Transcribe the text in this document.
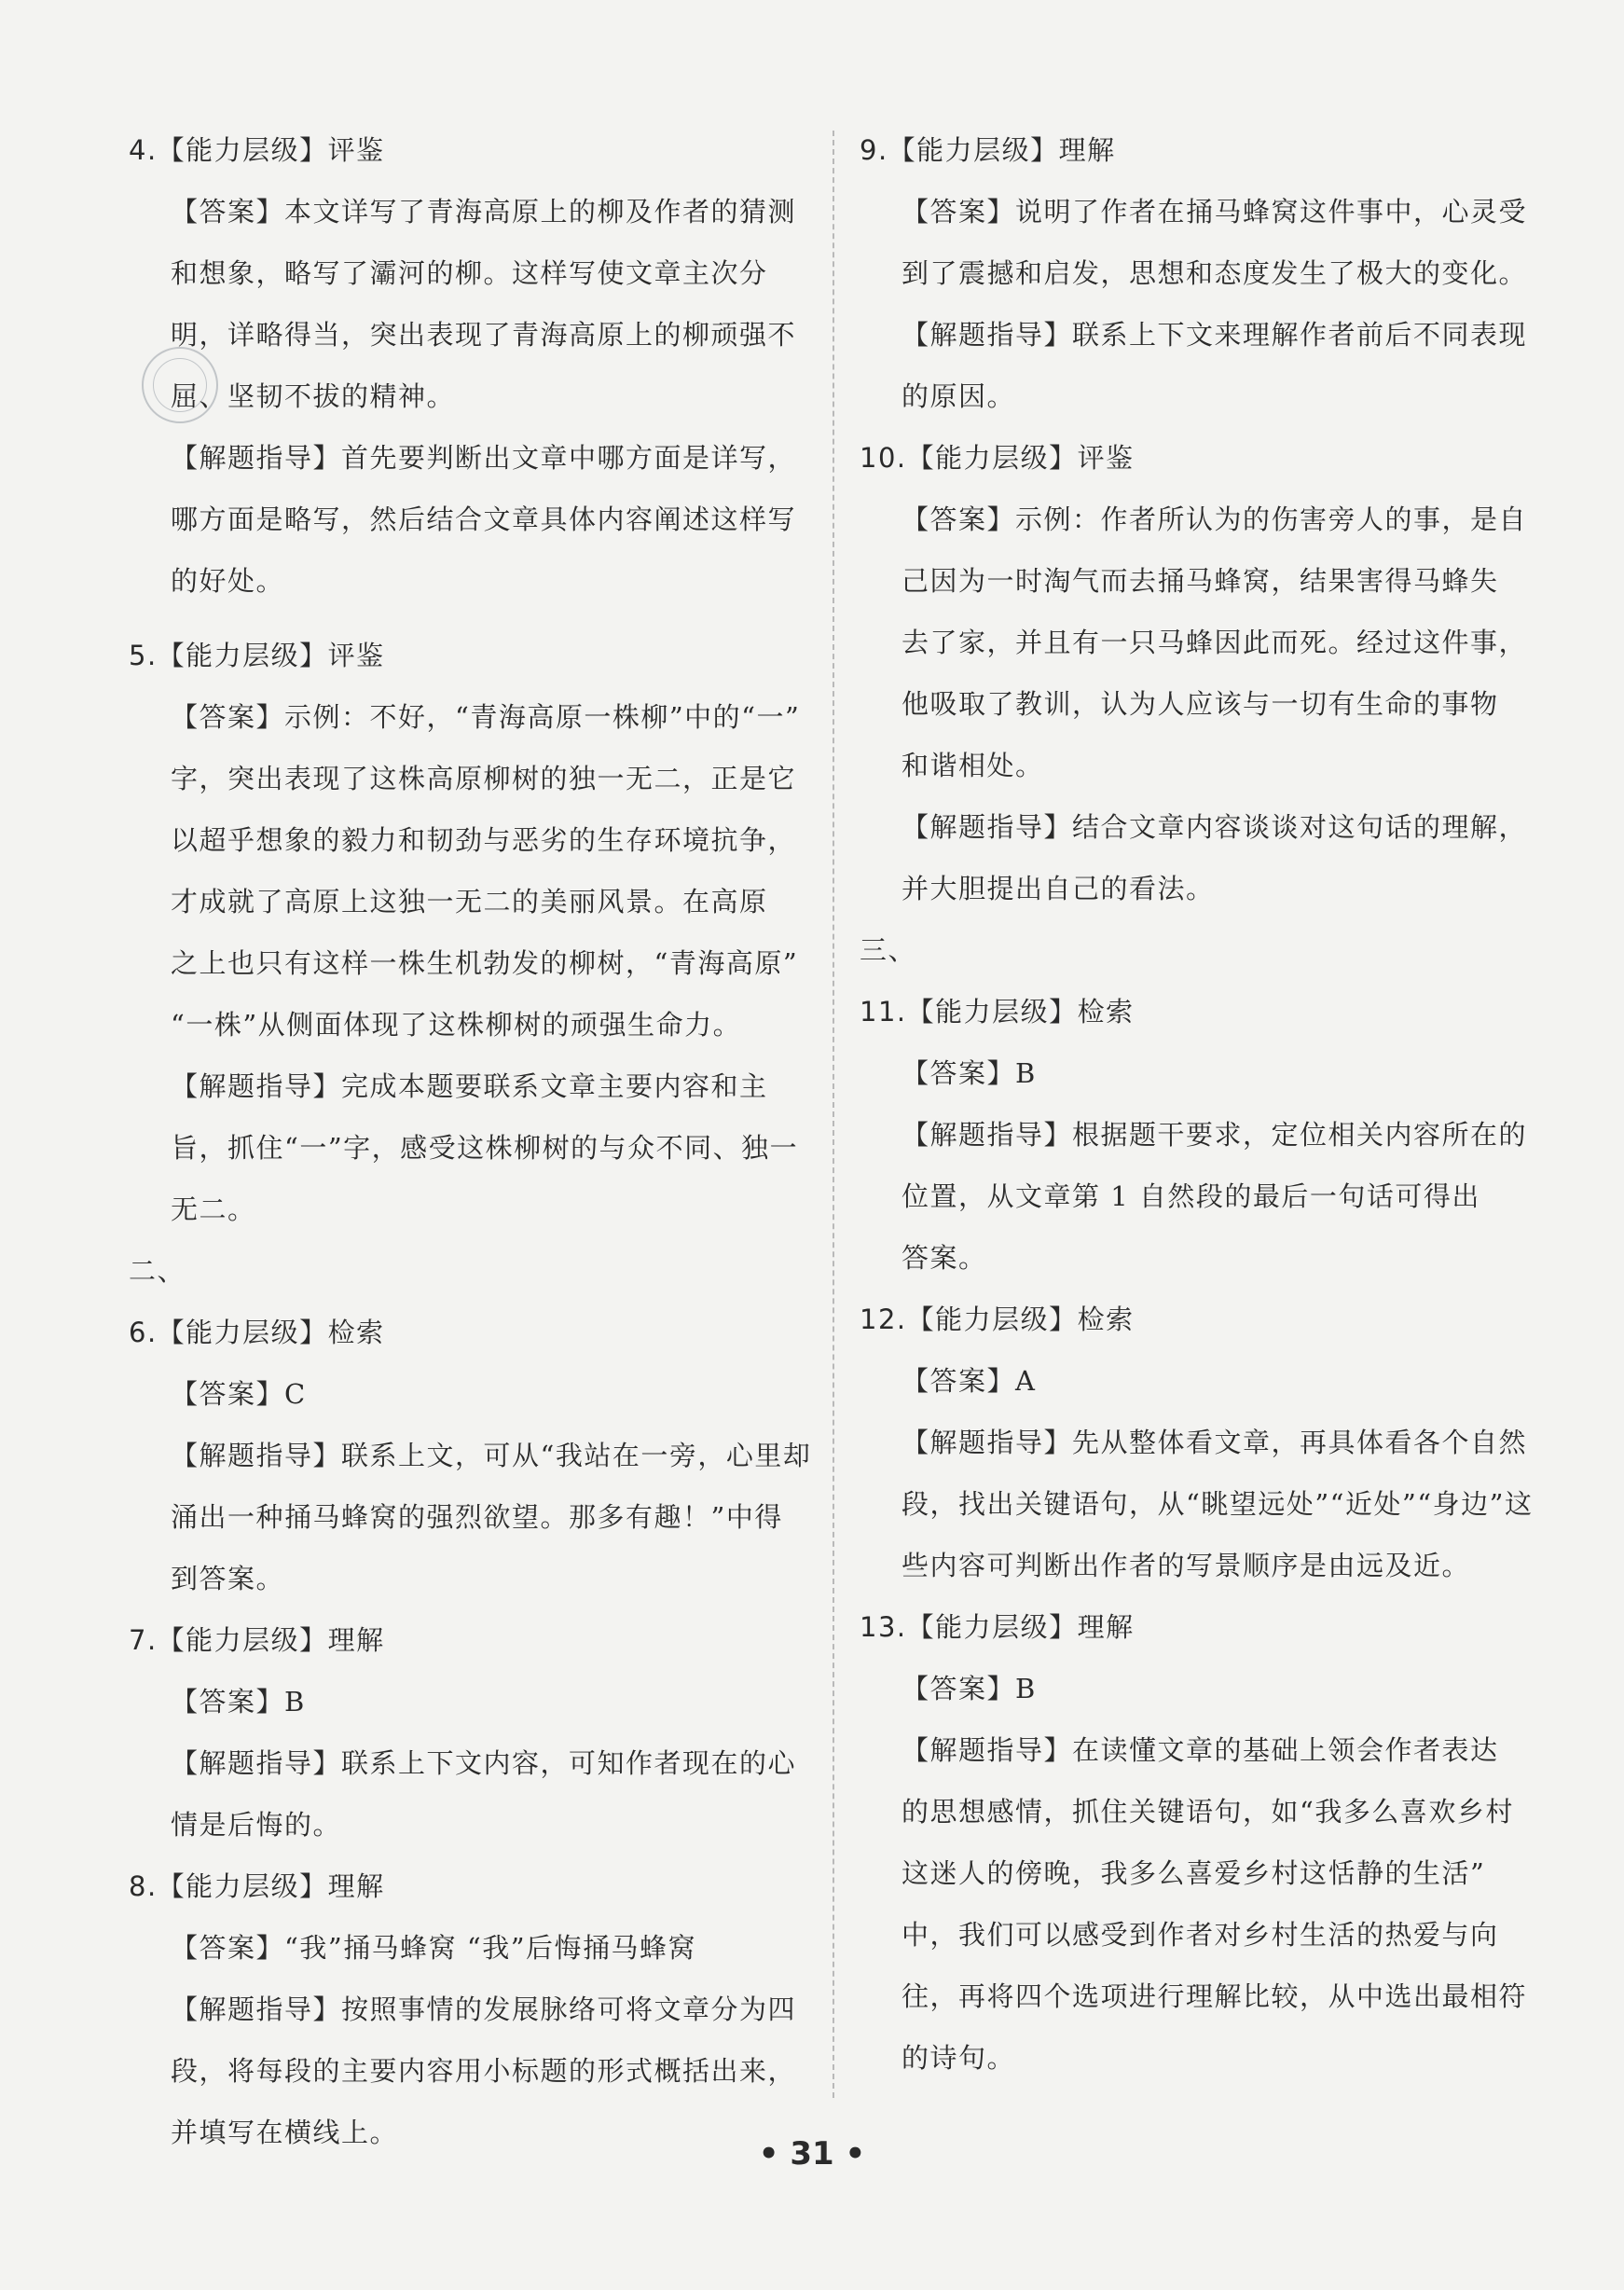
4.【能力层级】评鉴
【答案】本文详写了青海高原上的柳及作者的猜测
和想象，略写了灞河的柳。这样写使文章主次分
明，详略得当，突出表现了青海高原上的柳顽强不
屈、坚韧不拔的精神。
【解题指导】首先要判断出文章中哪方面是详写，
哪方面是略写，然后结合文章具体内容阐述这样写
的好处。
5.【能力层级】评鉴
【答案】示例：不好，“青海高原一株柳”中的“一”
字，突出表现了这株高原柳树的独一无二，正是它
以超乎想象的毅力和韧劲与恶劣的生存环境抗争，
才成就了高原上这独一无二的美丽风景。在高原
之上也只有这样一株生机勃发的柳树，“青海高原”
“一株”从侧面体现了这株柳树的顽强生命力。
【解题指导】完成本题要联系文章主要内容和主
旨，抓住“一”字，感受这株柳树的与众不同、独一
无二。
二、
6.【能力层级】检索
【答案】C
【解题指导】联系上文，可从“我站在一旁，心里却
涌出一种捅马蜂窝的强烈欲望。那多有趣！”中得
到答案。
7.【能力层级】理解
【答案】B
【解题指导】联系上下文内容，可知作者现在的心
情是后悔的。
8.【能力层级】理解
【答案】“我”捅马蜂窝 “我”后悔捅马蜂窝
【解题指导】按照事情的发展脉络可将文章分为四
段，将每段的主要内容用小标题的形式概括出来，
并填写在横线上。
9.【能力层级】理解
【答案】说明了作者在捅马蜂窝这件事中，心灵受
到了震撼和启发，思想和态度发生了极大的变化。
【解题指导】联系上下文来理解作者前后不同表现
的原因。
10.【能力层级】评鉴
【答案】示例：作者所认为的伤害旁人的事，是自
己因为一时淘气而去捅马蜂窝，结果害得马蜂失
去了家，并且有一只马蜂因此而死。经过这件事，
他吸取了教训，认为人应该与一切有生命的事物
和谐相处。
【解题指导】结合文章内容谈谈对这句话的理解，
并大胆提出自己的看法。
三、
11.【能力层级】检索
【答案】B
【解题指导】根据题干要求，定位相关内容所在的
位置，从文章第 1 自然段的最后一句话可得出
答案。
12.【能力层级】检索
【答案】A
【解题指导】先从整体看文章，再具体看各个自然
段，找出关键语句，从“眺望远处”“近处”“身边”这
些内容可判断出作者的写景顺序是由远及近。
13.【能力层级】理解
【答案】B
【解题指导】在读懂文章的基础上领会作者表达
的思想感情，抓住关键语句，如“我多么喜欢乡村
这迷人的傍晚，我多么喜爱乡村这恬静的生活”
中，我们可以感受到作者对乡村生活的热爱与向
往，再将四个选项进行理解比较，从中选出最相符
的诗句。
• 31 •
